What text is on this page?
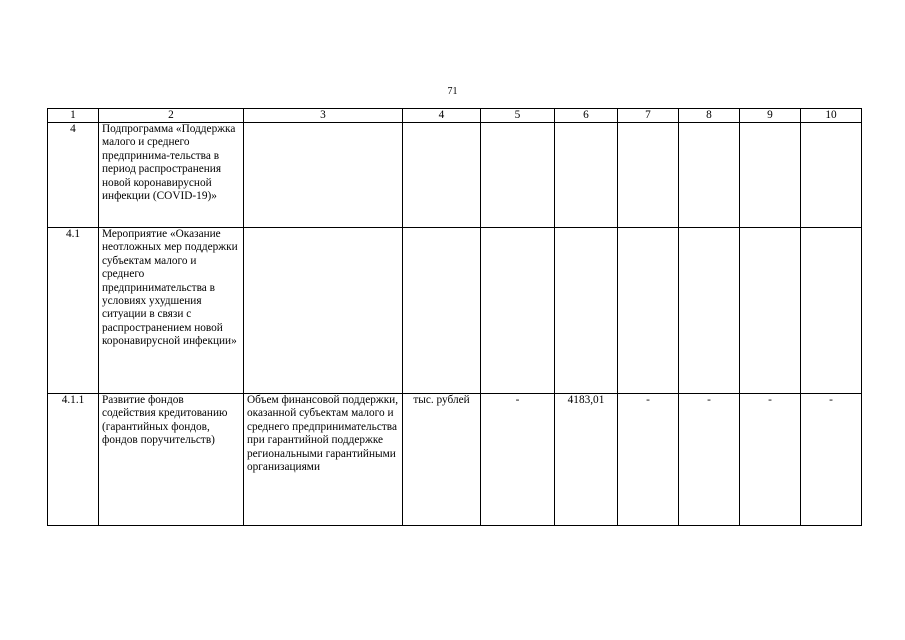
71
1	2	3	4	5	6	7	8	9	10
4	Подпрограмма «Поддержка малого и среднего предпринима-тельства в период распространения новой коронавирусной инфекции (COVID-19)»								
4.1	Мероприятие «Оказание неотложных мер поддержки субъектам малого и среднего предпринимательства в условиях ухудшения ситуации в связи с распространением новой коронавирусной инфекции»								
4.1.1	Развитие фондов содействия кредитованию (гарантийных фондов, фондов поручительств)	Объем финансовой поддержки, оказанной субъектам малого и среднего предпринимательства при гарантийной поддержке региональными гарантийными организациями	тыс. рублей	-	4183,01	-	-	-	-
